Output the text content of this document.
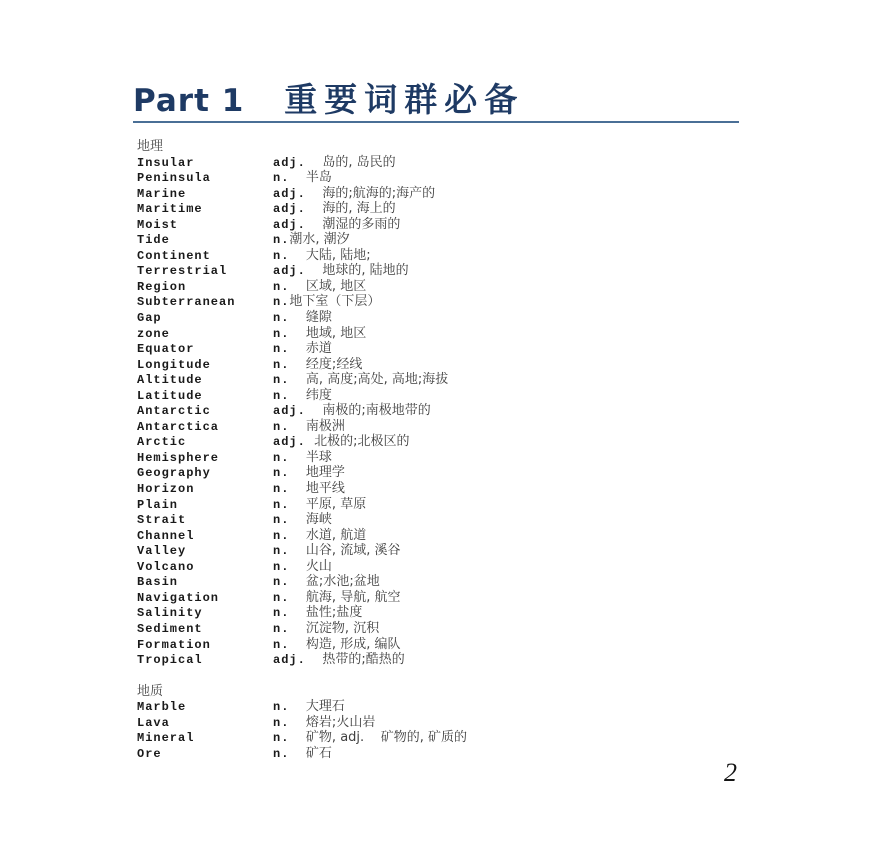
Part 1 重要词群必备
地理
Insular	adj. 岛的, 岛民的
Peninsula	n. 半岛
Marine	adj. 海的;航海的;海产的
Maritime	adj. 海的, 海上的
Moist	adj. 潮湿的多雨的
Tide	n. 潮水, 潮汐
Continent	n. 大陆, 陆地;
Terrestrial	adj. 地球的, 陆地的
Region	n. 区域, 地区
Subterranean	n. 地下室（下层）
Gap	n. 缝隙
zone	n. 地域, 地区
Equator	n. 赤道
Longitude	n. 经度;经线
Altitude	n. 高, 高度;高处, 高地;海拔
Latitude	n. 纬度
Antarctic	adj. 南极的;南极地带的
Antarctica	n. 南极洲
Arctic	adj. 北极的;北极区的
Hemisphere	n. 半球
Geography	n. 地理学
Horizon	n. 地平线
Plain	n. 平原, 草原
Strait	n. 海峡
Channel	n. 水道, 航道
Valley	n. 山谷, 流域, 溪谷
Volcano	n. 火山
Basin	n. 盆;水池;盆地
Navigation	n. 航海, 导航, 航空
Salinity	n. 盐性;盐度
Sediment	n. 沉淀物, 沉积
Formation	n. 构造, 形成, 编队
Tropical	adj. 热带的;酷热的
地质
Marble	n. 大理石
Lava	n. 熔岩;火山岩
Mineral	n. 矿物, adj.    矿物的, 矿质的
Ore	n. 矿石
2
